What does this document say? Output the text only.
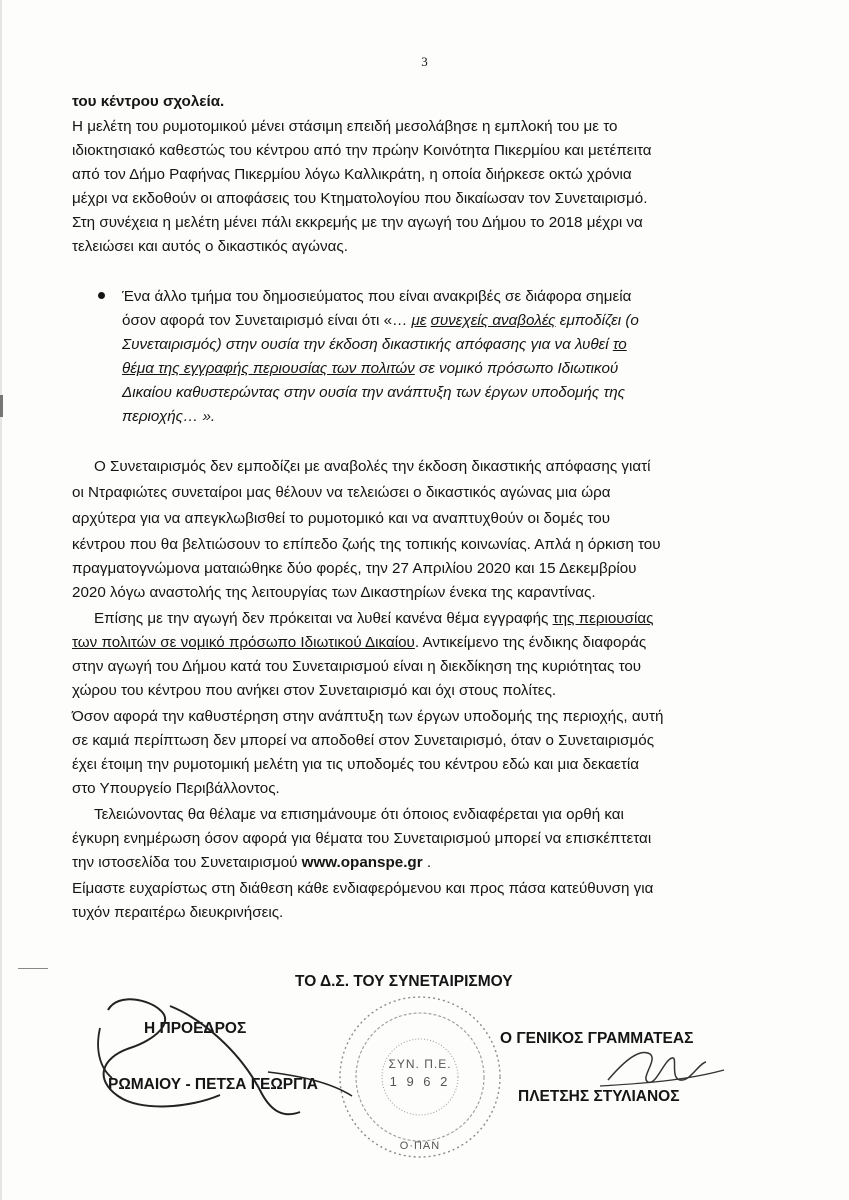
3
του κέντρου σχολεία.
Η μελέτη του ρυμοτομικού μένει στάσιμη επειδή μεσολάβησε η εμπλοκή του με το
ιδιοκτησιακό καθεστώς του κέντρου από την πρώην Κοινότητα Πικερμίου και μετέπειτα
από τον Δήμο Ραφήνας Πικερμίου λόγω Καλλικράτη, η οποία διήρκεσε οκτώ χρόνια
μέχρι να εκδοθούν οι αποφάσεις του Κτηματολογίου που δικαίωσαν τον Συνεταιρισμό.
Στη συνέχεια η μελέτη μένει πάλι εκκρεμής με την αγωγή του Δήμου το 2018 μέχρι να
τελειώσει και αυτός ο δικαστικός αγώνας.
Ένα άλλο τμήμα του δημοσιεύματος που είναι ανακριβές σε διάφορα σημεία
όσον αφορά τον Συνεταιρισμό είναι ότι «… με συνεχείς αναβολές εμποδίζει (ο
Συνεταιρισμός) στην ουσία την έκδοση δικαστικής απόφασης για να λυθεί το
θέμα της εγγραφής περιουσίας των πολιτών σε νομικό πρόσωπο Ιδιωτικού
Δικαίου καθυστερώντας στην ουσία την ανάπτυξη των έργων υποδομής της
περιοχής… ».
Ο Συνεταιρισμός δεν εμποδίζει με αναβολές την έκδοση δικαστικής απόφασης γιατί
οι Ντραφιώτες συνεταίροι μας θέλουν να τελειώσει ο δικαστικός αγώνας μια ώρα
αρχύτερα για να απεγκλωβισθεί το ρυμοτομικό και να αναπτυχθούν οι δομές του
κέντρου που θα βελτιώσουν το επίπεδο ζωής της τοπικής κοινωνίας. Απλά η όρκιση του
πραγματογνώμονα ματαιώθηκε δύο φορές, την 27 Απριλίου 2020 και 15 Δεκεμβρίου
2020 λόγω αναστολής της λειτουργίας των Δικαστηρίων ένεκα της καραντίνας.
Επίσης με την αγωγή δεν πρόκειται να λυθεί κανένα θέμα εγγραφής της περιουσίας
των πολιτών σε νομικό πρόσωπο Ιδιωτικού Δικαίου. Αντικείμενο της ένδικης διαφοράς
στην αγωγή του Δήμου κατά του Συνεταιρισμού είναι η διεκδίκηση της κυριότητας του
χώρου του κέντρου που ανήκει στον Συνεταιρισμό και όχι στους πολίτες.
Όσον αφορά την καθυστέρηση στην ανάπτυξη των έργων υποδομής της περιοχής, αυτή
σε καμιά περίπτωση δεν μπορεί να αποδοθεί στον Συνεταιρισμό, όταν ο Συνεταιρισμός
έχει έτοιμη την ρυμοτομική μελέτη για τις υποδομές του κέντρου εδώ και μια δεκαετία
στο Υπουργείο Περιβάλλοντος.
Τελειώνοντας θα θέλαμε να επισημάνουμε ότι όποιος ενδιαφέρεται για ορθή και
έγκυρη ενημέρωση όσον αφορά για θέματα του Συνεταιρισμού μπορεί να επισκέπτεται
την ιστοσελίδα του Συνεταιρισμού www.opanspe.gr .
Είμαστε ευχαρίστως στη διάθεση κάθε ενδιαφερόμενου και προς πάσα κατεύθυνση για
τυχόν περαιτέρω διευκρινήσεις.
ΤΟ Δ.Σ. ΤΟΥ ΣΥΝΕΤΑΙΡΙΣΜΟΥ
Η ΠΡΟΕΔΡΟΣ
ΡΩΜΑΙΟΥ - ΠΕΤΣΑ ΓΕΩΡΓΙΑ
Ο ΓΕΝΙΚΟΣ ΓΡΑΜΜΑΤΕΑΣ
ΠΛΕΤΣΗΣ ΣΤΥΛΙΑΝΟΣ
ΣΥΝ. Π.Ε.
1 9 6 2
Ο·ΠΑΝ
